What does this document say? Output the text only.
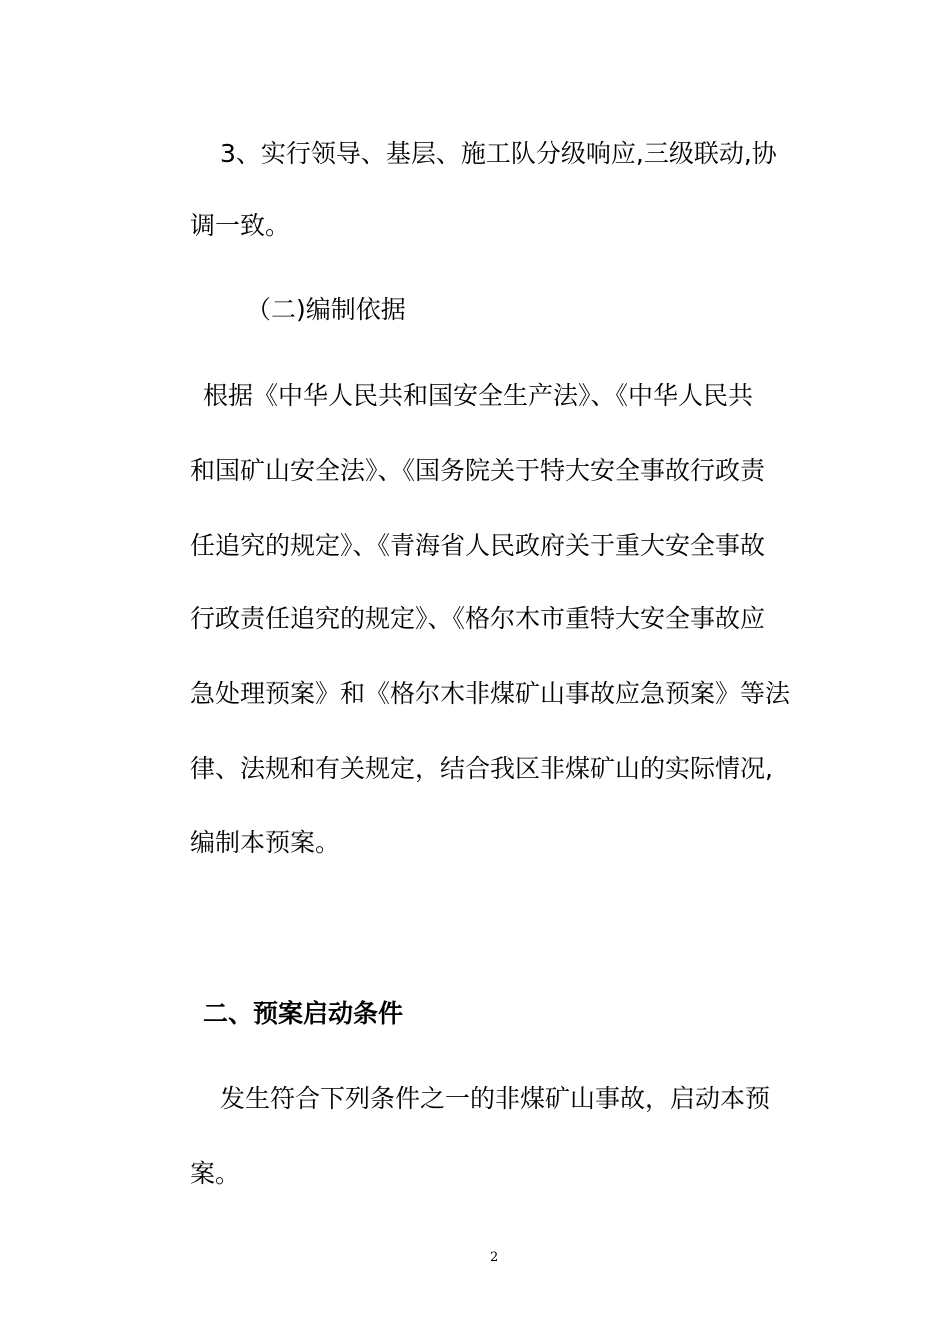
3、实行领导、基层、施工队分级响应,三级联动,协
调一致。
（二)编制依据
根据《中华人民共和国安全生产法》、《中华人民共
和国矿山安全法》、《国务院关于特大安全事故行政责
任追究的规定》、《青海省人民政府关于重大安全事故
行政责任追究的规定》、《格尔木市重特大安全事故应
急处理预案》和《格尔木非煤矿山事故应急预案》等法
律、法规和有关规定，结合我区非煤矿山的实际情况,
编制本预案。
二、预案启动条件
发生符合下列条件之一的非煤矿山事故，启动本预
案。
2
